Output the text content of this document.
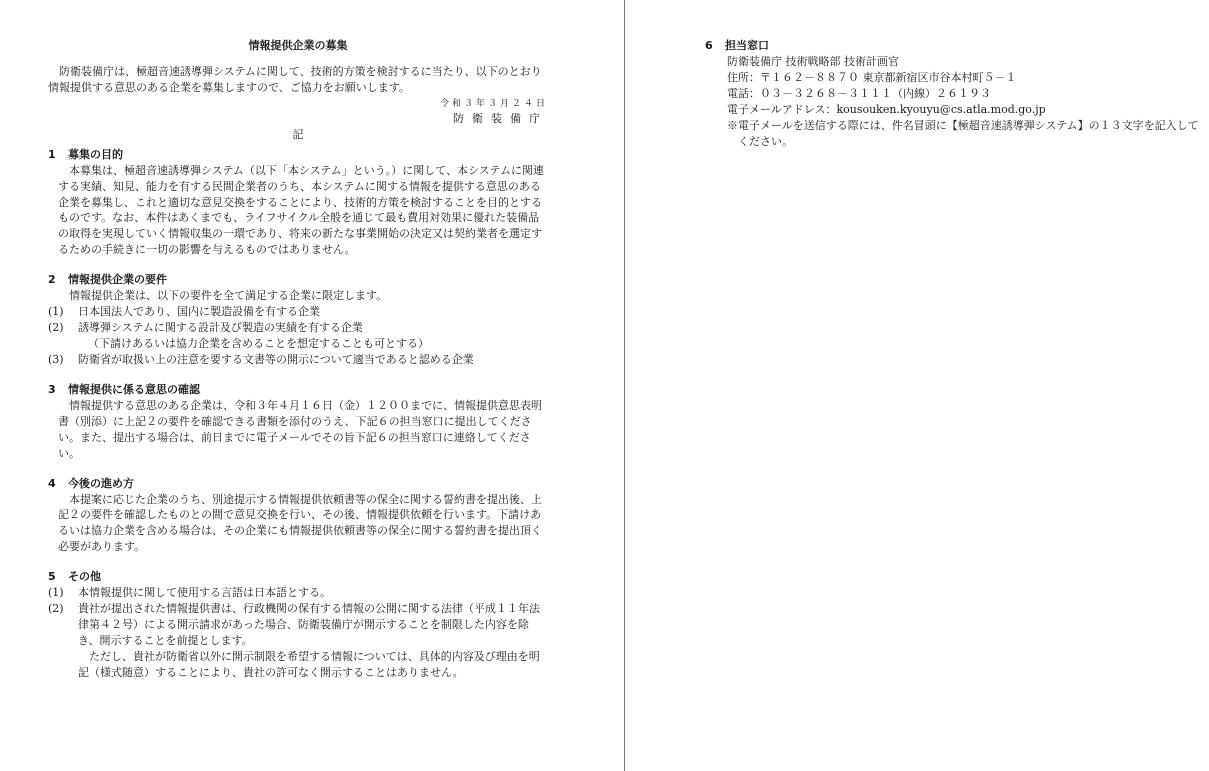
情報提供企業の募集

防衛装備庁は、極超音速誘導弾システムに関して、技術的方策を検討するに当たり、以下のとおり情報提供する意思のある企業を募集しますので、ご協力をお願いします。

令和３年３月２４日

防衛装備庁

記

1 募集の目的

本募集は、極超音速誘導弾システム（以下「本システム」という。）に関して、本システムに関連する実績、知見、能力を有する民間企業者のうち、本システムに関する情報を提供する意思のある企業を募集し、これと適切な意見交換をすることにより、技術的方策を検討することを目的とするものです。なお、本件はあくまでも、ライフサイクル全般を通じて最も費用対効果に優れた装備品の取得を実現していく情報収集の一環であり、将来の新たな事業開始の決定又は契約業者を選定するための手続きに一切の影響を与えるものではありません。

2 情報提供企業の要件

情報提供企業は、以下の要件を全て満足する企業に限定します。

(1) 日本国法人であり、国内に製造設備を有する企業

(2) 誘導弾システムに関する設計及び製造の実績を有する企業

（下請けあるいは協力企業を含めることを想定することも可とする）

(3) 防衛省が取扱い上の注意を要する文書等の開示について適当であると認める企業

3 情報提供に係る意思の確認

情報提供する意思のある企業は、令和３年４月１６日（金）１２００までに、情報提供意思表明書（別添）に上記２の要件を確認できる書類を添付のうえ、下記６の担当窓口に提出してください。また、提出する場合は、前日までに電子メールでその旨下記６の担当窓口に連絡してください。

4 今後の進め方

本提案に応じた企業のうち、別途提示する情報提供依頼書等の保全に関する誓約書を提出後、上記２の要件を確認したものとの間で意見交換を行い、その後、情報提供依頼を行います。下請けあるいは協力企業を含める場合は、その企業にも情報提供依頼書等の保全に関する誓約書を提出頂く必要があります。

5 その他

(1) 本情報提供に関して使用する言語は日本語とする。

(2) 貴社が提出された情報提供書は、行政機関の保有する情報の公開に関する法律（平成１１年法律第４２号）による開示請求があった場合、防衛装備庁が開示することを制限した内容を除き、開示することを前提とします。

ただし、貴社が防衛省以外に開示制限を希望する情報については、具体的内容及び理由を明記（様式随意）することにより、貴社の許可なく開示することはありません。

6 担当窓口

防衛装備庁 技術戦略部 技術計画官

住所：〒１６２－８８７０ 東京都新宿区市谷本村町５－１

電話：０３－３２６８－３１１１（内線）２６１９３

電子メールアドレス：kousouken.kyouyu@cs.atla.mod.go.jp

※電子メールを送信する際には、件名冒頭に【極超音速誘導弾システム】の１３文字を記入してください。
